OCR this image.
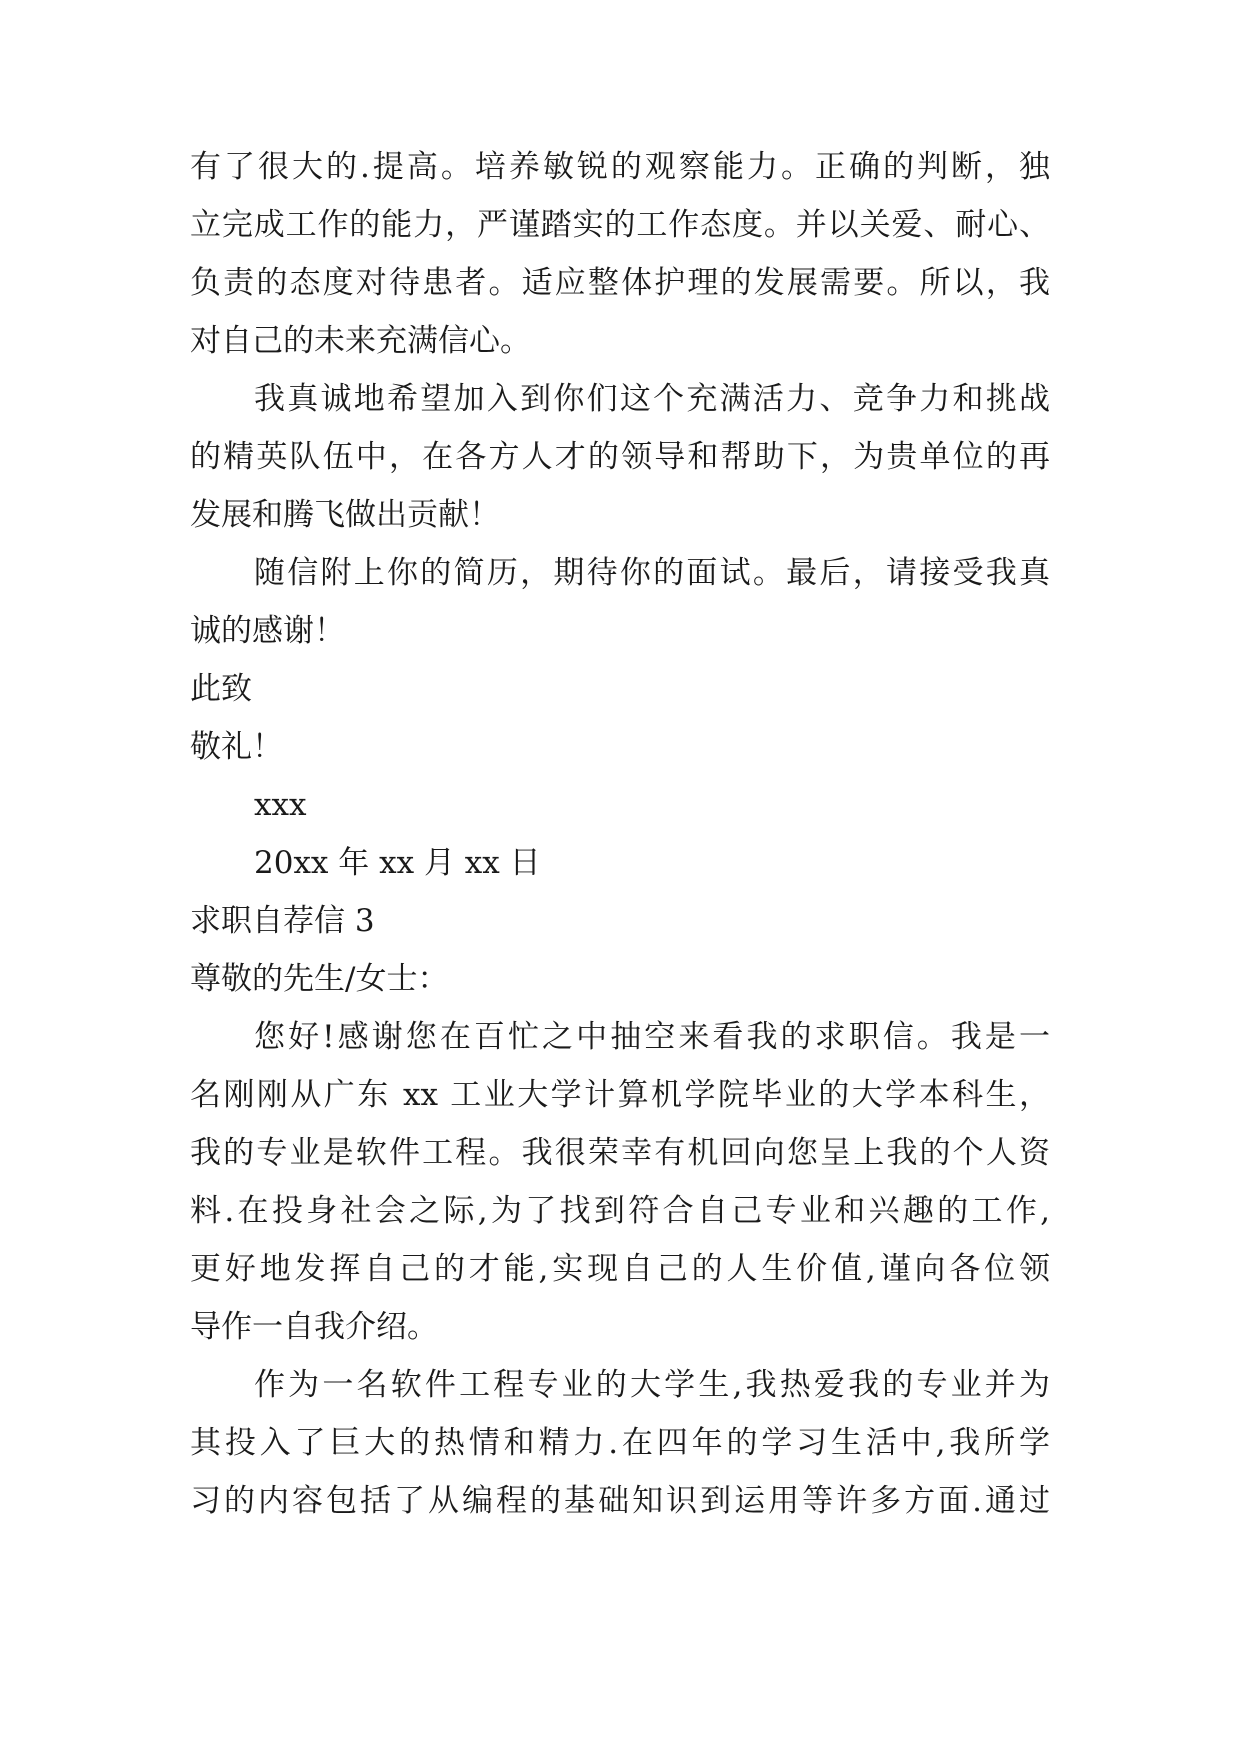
有了很大的.提高。培养敏锐的观察能力。正确的判断，独
立完成工作的能力，严谨踏实的工作态度。并以关爱、耐心、
负责的态度对待患者。适应整体护理的发展需要。所以，我
对自己的未来充满信心。
我真诚地希望加入到你们这个充满活力、竞争力和挑战
的精英队伍中，在各方人才的领导和帮助下，为贵单位的再
发展和腾飞做出贡献！
随信附上你的简历，期待你的面试。最后，请接受我真
诚的感谢！
此致
敬礼！
xxx
20xx 年 xx 月 xx 日
求职自荐信 3
尊敬的先生/女士：
您好!感谢您在百忙之中抽空来看我的求职信。我是一
名刚刚从广东 xx 工业大学计算机学院毕业的大学本科生，
我的专业是软件工程。我很荣幸有机回向您呈上我的个人资
料.在投身社会之际,为了找到符合自己专业和兴趣的工作,
更好地发挥自己的才能,实现自己的人生价值,谨向各位领
导作一自我介绍。
作为一名软件工程专业的大学生,我热爱我的专业并为
其投入了巨大的热情和精力.在四年的学习生活中,我所学
习的内容包括了从编程的基础知识到运用等许多方面.通过
